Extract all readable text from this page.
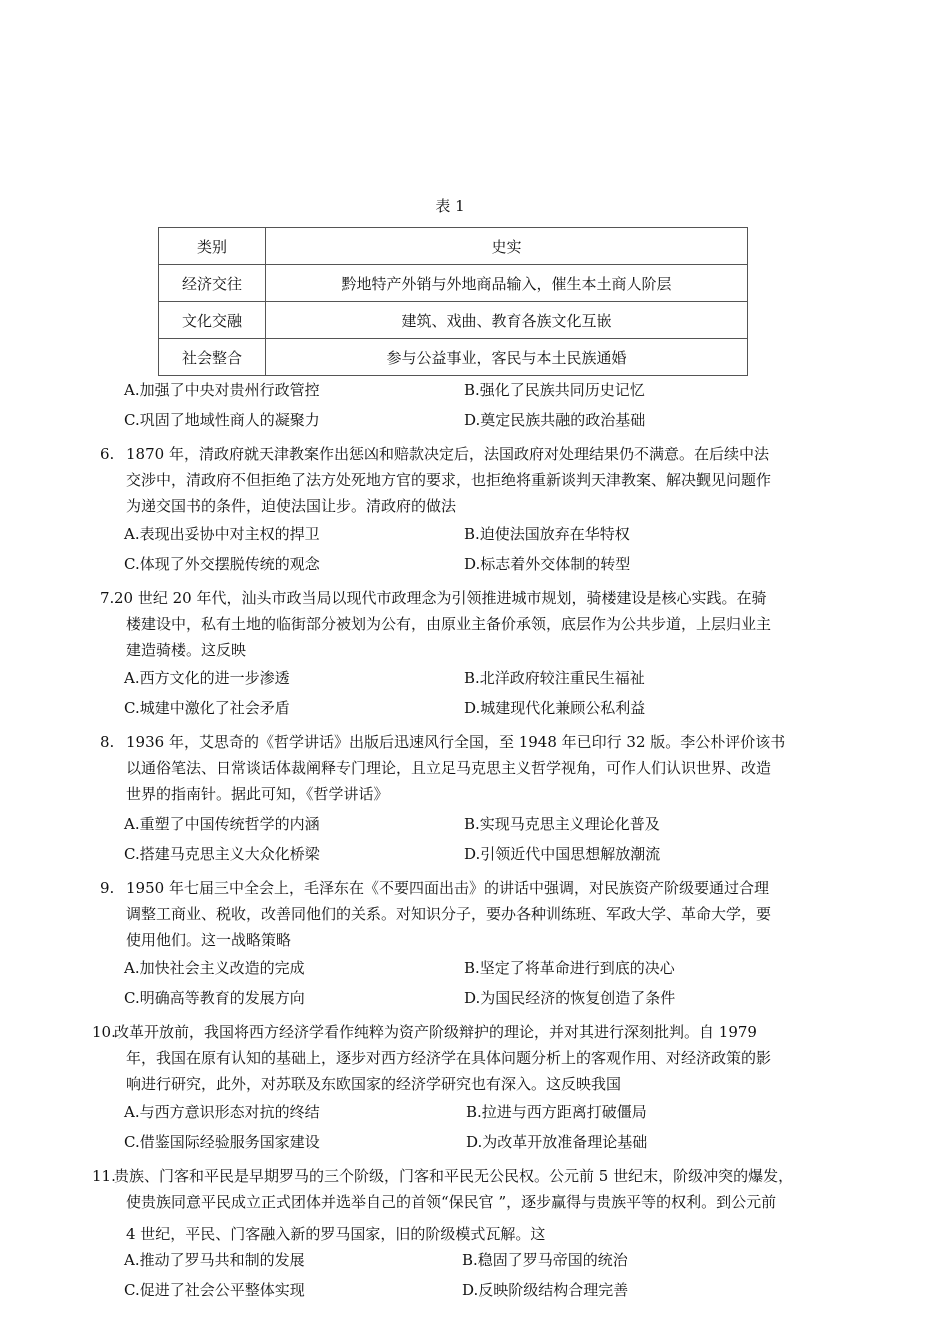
表 1
类别	史实
经济交往	黔地特产外销与外地商品输入，催生本土商人阶层
文化交融	建筑、戏曲、教育各族文化互嵌
社会整合	参与公益事业，客民与本土民族通婚
A.加强了中央对贵州行政管控	B.强化了民族共同历史记忆
C.巩固了地域性商人的凝聚力	D.奠定民族共融的政治基础
6. 1870 年，清政府就天津教案作出惩凶和赔款决定后，法国政府对处理结果仍不满意。在后续中法
交涉中，清政府不但拒绝了法方处死地方官的要求，也拒绝将重新谈判天津教案、解决觐见问题作
为递交国书的条件，迫使法国让步。清政府的做法
A.表现出妥协中对主权的捍卫	B.迫使法国放弃在华特权
C.体现了外交摆脱传统的观念	D.标志着外交体制的转型
7. 20 世纪 20 年代，汕头市政当局以现代市政理念为引领推进城市规划，骑楼建设是核心实践。在骑
楼建设中，私有土地的临街部分被划为公有，由原业主备价承领，底层作为公共步道，上层归业主
建造骑楼。这反映
A.西方文化的进一步渗透	B.北洋政府较注重民生福祉
C.城建中激化了社会矛盾	D.城建现代化兼顾公私利益
8. 1936 年，艾思奇的《哲学讲话》出版后迅速风行全国，至 1948 年已印行 32 版。李公朴评价该书
以通俗笔法、日常谈话体裁阐释专门理论，且立足马克思主义哲学视角，可作人们认识世界、改造
世界的指南针。据此可知，《哲学讲话》
A.重塑了中国传统哲学的内涵	B.实现马克思主义理论化普及
C.搭建马克思主义大众化桥梁	D.引领近代中国思想解放潮流
9. 1950 年七届三中全会上，毛泽东在《不要四面出击》的讲话中强调，对民族资产阶级要通过合理
调整工商业、税收，改善同他们的关系。对知识分子，要办各种训练班、军政大学、革命大学，要
使用他们。这一战略策略
A.加快社会主义改造的完成	B.坚定了将革命进行到底的决心
C.明确高等教育的发展方向	D.为国民经济的恢复创造了条件
10.
改革开放前，我国将西方经济学看作纯粹为资产阶级辩护的理论，并对其进行深刻批判。自 1979
年，我国在原有认知的基础上，逐步对西方经济学在具体问题分析上的客观作用、对经济政策的影
响进行研究，此外，对苏联及东欧国家的经济学研究也有深入。这反映我国
A.与西方意识形态对抗的终结	B.拉进与西方距离打破僵局
C.借鉴国际经验服务国家建设	D.为改革开放准备理论基础
11.
贵族、门客和平民是早期罗马的三个阶级，门客和平民无公民权。公元前 5 世纪末，阶级冲突的爆发，
使贵族同意平民成立正式团体并选举自己的首领“保民官 ”，逐步赢得与贵族平等的权利。到公元前
4 世纪，平民、门客融入新的罗马国家，旧的阶级模式瓦解。这
A.推动了罗马共和制的发展	B.稳固了罗马帝国的统治
C.促进了社会公平整体实现	D.反映阶级结构合理完善
